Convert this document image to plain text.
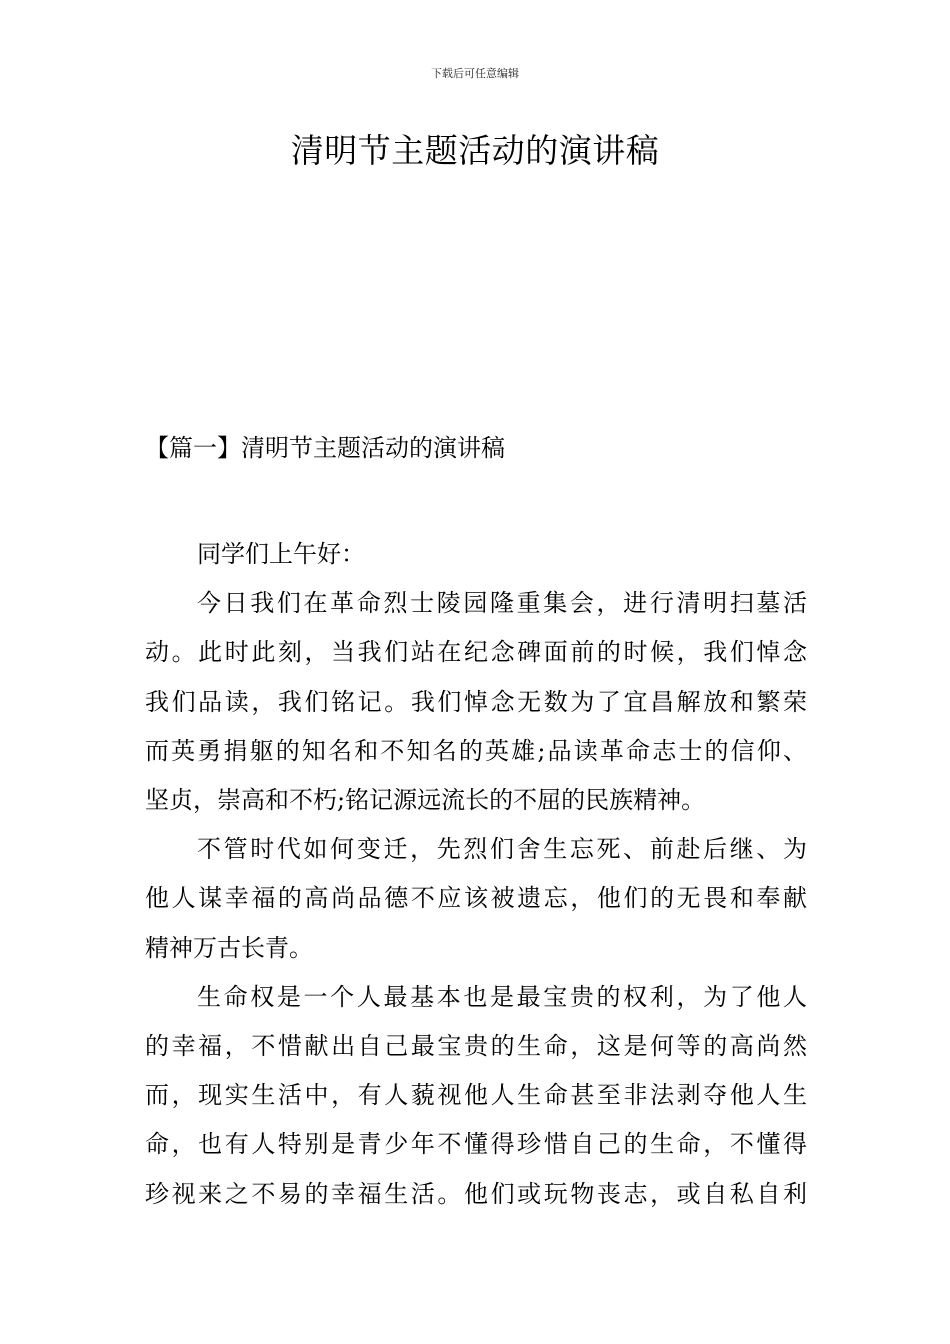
下载后可任意编辑
清明节主题活动的演讲稿
【篇一】清明节主题活动的演讲稿

同学们上午好：

今日我们在革命烈士陵园隆重集会，进行清明扫墓活
动。此时此刻，当我们站在纪念碑面前的时候，我们悼念
我们品读，我们铭记。我们悼念无数为了宜昌解放和繁荣
而英勇捐躯的知名和不知名的英雄;品读革命志士的信仰、
坚贞，崇高和不朽;铭记源远流长的不屈的民族精神。

不管时代如何变迁，先烈们舍生忘死、前赴后继、为
他人谋幸福的高尚品德不应该被遗忘，他们的无畏和奉献
精神万古长青。

生命权是一个人最基本也是最宝贵的权利，为了他人
的幸福，不惜献出自己最宝贵的生命，这是何等的高尚然
而，现实生活中，有人藐视他人生命甚至非法剥夺他人生
命，也有人特别是青少年不懂得珍惜自己的生命，不懂得
珍视来之不易的幸福生活。他们或玩物丧志，或自私自利
